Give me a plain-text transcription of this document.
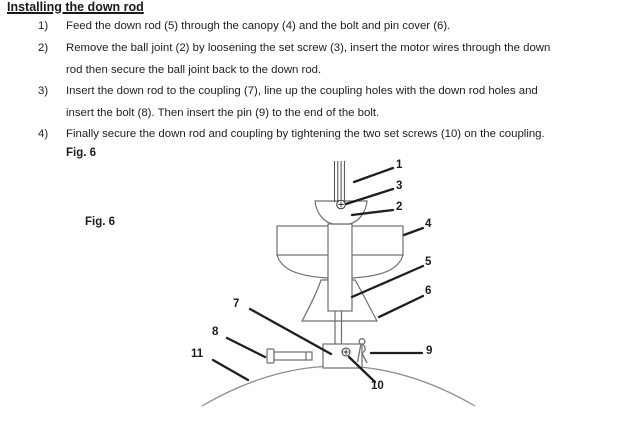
Installing the down rod
1) Feed the down rod (5) through the canopy (4) and the bolt and pin cover (6).
2) Remove the ball joint (2) by loosening the set screw (3), insert the motor wires through the down
rod then secure the ball joint back to the down rod.
3) Insert the down rod to the coupling (7), line up the coupling holes with the down rod holes and
insert the bolt (8). Then insert the pin (9) to the end of the bolt.
4) Finally secure the down rod and coupling by tightening the two set screws (10) on the coupling.
Fig. 6
Fig. 6
1
3
2
4
5
6
7
8
11	9
10
